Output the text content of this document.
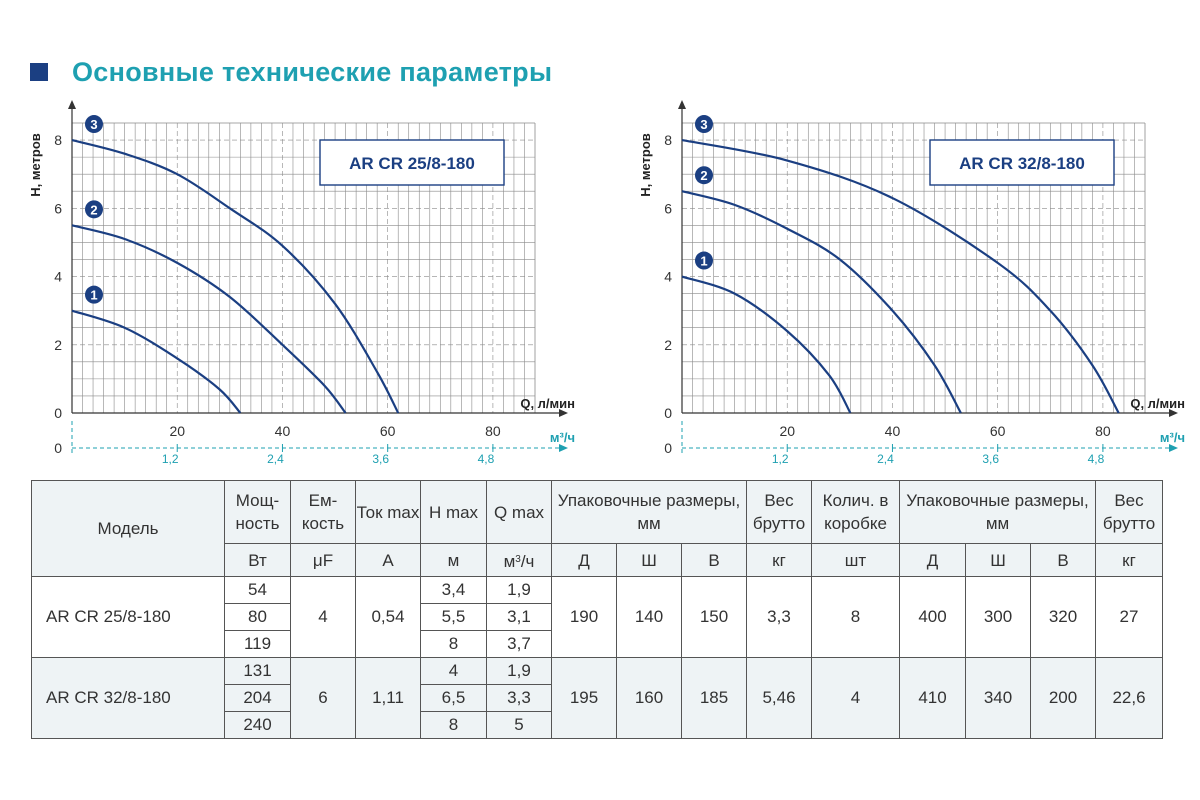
Основные технические параметры
H, метров
Q, л/мин
0
2
4
6
8
20	40	60	80
0
м³/ч
1,2	2,4	3,6	4,8
AR CR 25/8-180
1
2
3
H, метров
Q, л/мин
0
2
4
6
8
20	40	60	80
0
м³/ч
1,2	2,4	3,6	4,8
AR CR 32/8-180
1
2
3
Модель	Мощ- ность	Ем- кость	Ток max	H max	Q max	Упаковочные размеры, мм			Вес брутто	Колич. в коробке	Упаковочные размеры, мм			Вес брутто
	Вт	μF	А	м	$м^3/ч$	Д	Ш	В	кг	шт	Д	Ш	В	кг
AR CR 25/8-180	54	4	0,54	3,4	1,9	190	140	150	3,3	8	400	300	320	27
	80			5,5	3,1									
	119			8	3,7									
AR CR 32/8-180	131	6	1,11	4	1,9	195	160	185	5,46	4	410	340	200	22,6
	204			6,5	3,3									
	240			8	5									
